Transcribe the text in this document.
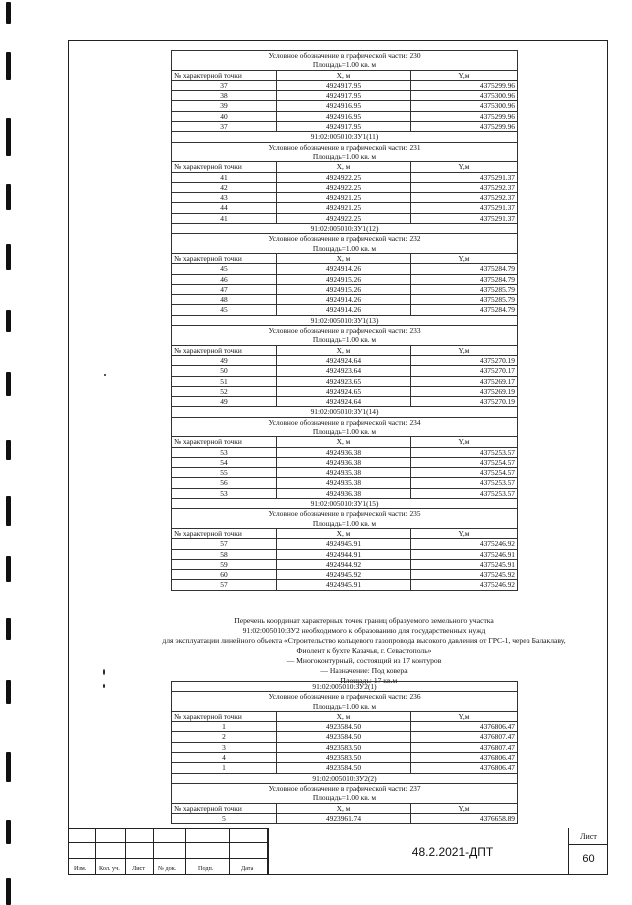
Условное обозначение в графической части: 230		
Площадь=1.00 кв. м		
№ характерной точки	X, м	Y,м
37	4924917.95	4375299.96
38	4924917.95	4375300.96
39	4924916.95	4375300.96
40	4924916.95	4375299.96
37	4924917.95	4375299.96
91:02:005010:ЗУ1(11)		
Условное обозначение в графической части: 231		
Площадь=1.00 кв. м		
№ характерной точки	X, м	Y,м
41	4924922.25	4375291.37
42	4924922.25	4375292.37
43	4924921.25	4375292.37
44	4924921.25	4375291.37
41	4924922.25	4375291.37
91:02:005010:ЗУ1(12)		
Условное обозначение в графической части: 232		
Площадь=1.00 кв. м		
№ характерной точки	X, м	Y,м
45	4924914.26	4375284.79
46	4924915.26	4375284.79
47	4924915.26	4375285.79
48	4924914.26	4375285.79
45	4924914.26	4375284.79
91:02:005010:ЗУ1(13)		
Условное обозначение в графической части: 233		
Площадь=1.00 кв. м		
№ характерной точки	X, м	Y,м
49	4924924.64	4375270.19
50	4924923.64	4375270.17
51	4924923.65	4375269.17
52	4924924.65	4375269.19
49	4924924.64	4375270.19
91:02:005010:ЗУ1(14)		
Условное обозначение в графической части: 234		
Площадь=1.00 кв. м		
№ характерной точки	X, м	Y,м
53	4924936.38	4375253.57
54	4924936.38	4375254.57
55	4924935.38	4375254.57
56	4924935.38	4375253.57
53	4924936.38	4375253.57
91:02:005010:ЗУ1(15)		
Условное обозначение в графической части: 235		
Площадь=1.00 кв. м		
№ характерной точки	X, м	Y,м
57	4924945.91	4375246.92
58	4924944.91	4375246.91
59	4924944.92	4375245.91
60	4924945.92	4375245.92
57	4924945.91	4375246.92
Перечень координат характерных точек границ образуемого земельного участка
91:02:005010:ЗУ2 необходимого к образованию для государственных нужд
для эксплуатации линейного объекта «Строительство кольцевого газопровода высокого давления от ГРС-1, через Балаклаву,
Фиолент к бухте Казачья, г. Севастополь»
— Многоконтурный, состоящий из 17 контуров
— Назначение: Под ковера
— Площадь: 17 кв.м
91:02:005010:ЗУ2(1)		
Условное обозначение в графической части: 236		
Площадь=1.00 кв. м		
№ характерной точки	X, м	Y,м
1	4923584.50	4376806.47
2	4923584.50	4376807.47
3	4923583.50	4376807.47
4	4923583.50	4376806.47
1	4923584.50	4376806.47
91:02:005010:ЗУ2(2)		
Условное обозначение в графической части: 237		
Площадь=1.00 кв. м		
№ характерной точки	X, м	Y,м
5	4923961.74	4376658.89
Изм. Кол. уч. Лист № док.	Подп.	Дата
48.2.2021-ДПТ
Лист
60
